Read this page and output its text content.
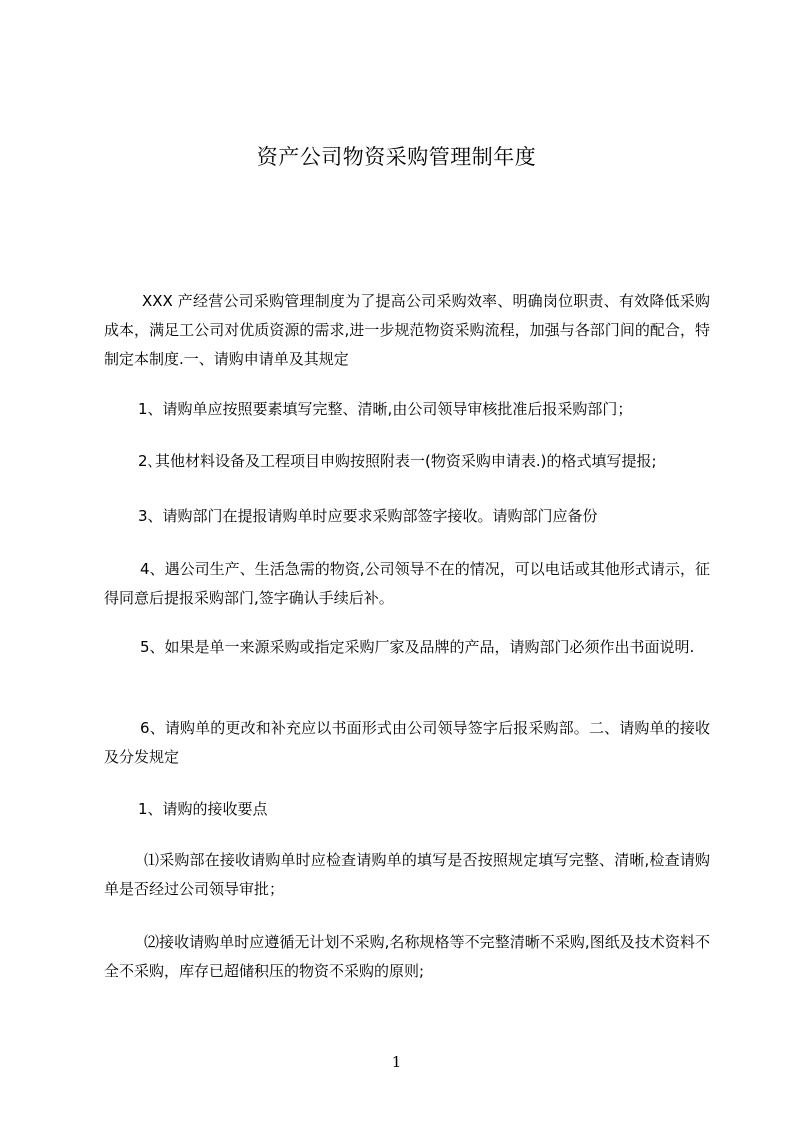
资产公司物资采购管理制年度

XXX 产经营公司采购管理制度为了提高公司采购效率、明确岗位职责、有效降低采购成本，满足工公司对优质资源的需求,进一步规范物资采购流程，加强与各部门间的配合，特制定本制度.一、请购申请单及其规定

1、请购单应按照要素填写完整、清晰,由公司领导审核批准后报采购部门；

2､其他材料设备及工程项目申购按照附表一(物资采购申请表.)的格式填写提报;

3、请购部门在提报请购单时应要求采购部签字接收。请购部门应备份

4、遇公司生产、生活急需的物资,公司领导不在的情况，可以电话或其他形式请示，征得同意后提报采购部门,签字确认手续后补。

5、如果是单一来源采购或指定采购厂家及品牌的产品，请购部门必须作出书面说明.

6、请购单的更改和补充应以书面形式由公司领导签字后报采购部。二、请购单的接收及分发规定

1、请购的接收要点

⑴采购部在接收请购单时应检查请购单的填写是否按照规定填写完整、清晰,检查请购单是否经过公司领导审批；

⑵接收请购单时应遵循无计划不采购,名称规格等不完整清晰不采购,图纸及技术资料不全不采购，库存已超储积压的物资不采购的原则;

1
